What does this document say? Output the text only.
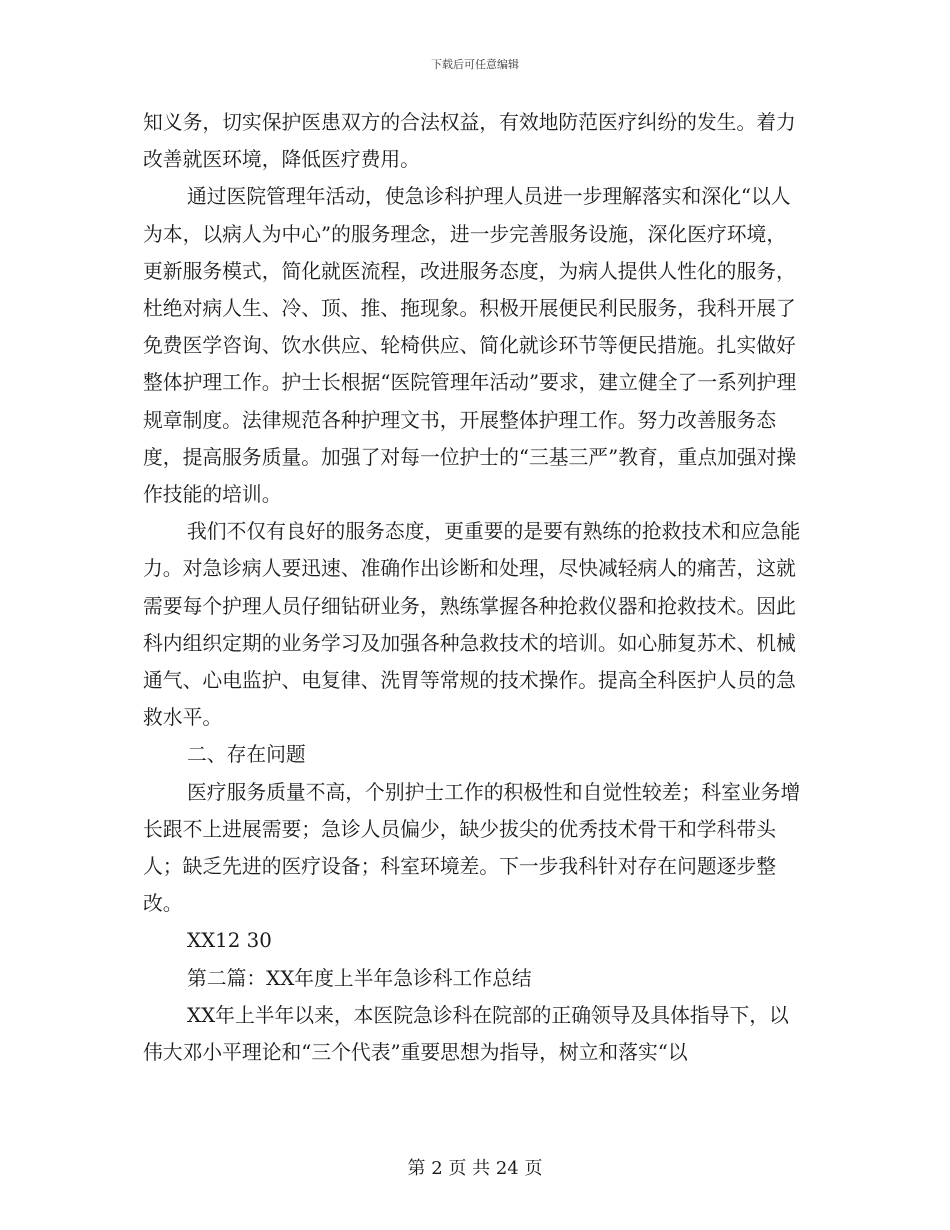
下载后可任意编辑

知义务，切实保护医患双方的合法权益，有效地防范医疗纠纷的发生。着力改善就医环境，降低医疗费用。

通过医院管理年活动，使急诊科护理人员进一步理解落实和深化“以人为本，以病人为中心”的服务理念，进一步完善服务设施，深化医疗环境，更新服务模式，简化就医流程，改进服务态度，为病人提供人性化的服务，杜绝对病人生、冷、顶、推、拖现象。积极开展便民利民服务，我科开展了免费医学咨询、饮水供应、轮椅供应、简化就诊环节等便民措施。扎实做好整体护理工作。护士长根据“医院管理年活动”要求，建立健全了一系列护理规章制度。法律规范各种护理文书，开展整体护理工作。努力改善服务态度，提高服务质量。加强了对每一位护士的“三基三严”教育，重点加强对操作技能的培训。

我们不仅有良好的服务态度，更重要的是要有熟练的抢救技术和应急能力。对急诊病人要迅速、准确作出诊断和处理，尽快减轻病人的痛苦，这就需要每个护理人员仔细钻研业务，熟练掌握各种抢救仪器和抢救技术。因此科内组织定期的业务学习及加强各种急救技术的培训。如心肺复苏术、机械通气、心电监护、电复律、洗胃等常规的技术操作。提高全科医护人员的急救水平。

二、存在问题

医疗服务质量不高，个别护士工作的积极性和自觉性较差；科室业务增长跟不上进展需要；急诊人员偏少，缺少拔尖的优秀技术骨干和学科带头人；缺乏先进的医疗设备；科室环境差。下一步我科针对存在问题逐步整改。

XX12 30

第二篇：XX年度上半年急诊科工作总结

XX年上半年以来，本医院急诊科在院部的正确领导及具体指导下，以伟大邓小平理论和“三个代表”重要思想为指导，树立和落实“以

第 2 页 共 24 页
